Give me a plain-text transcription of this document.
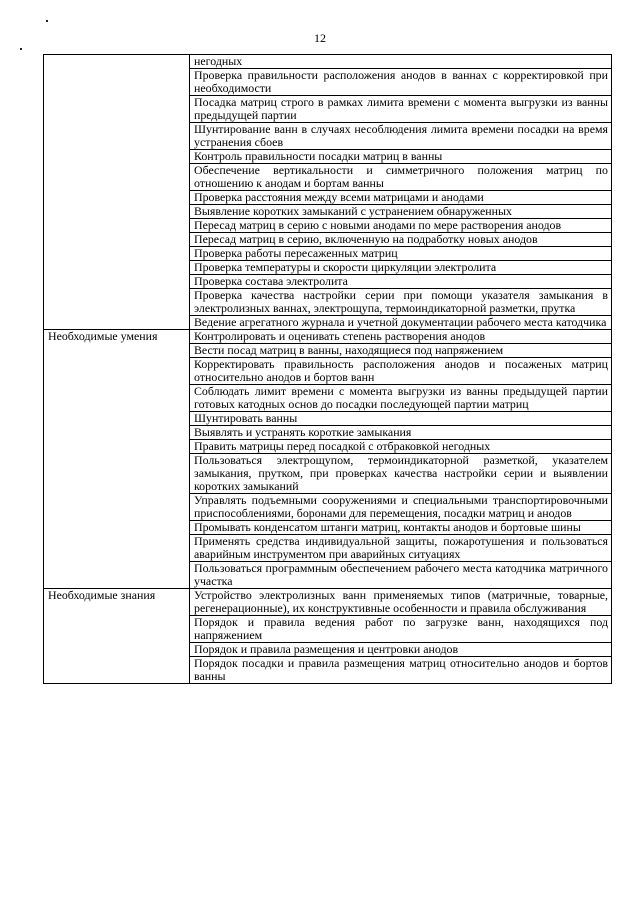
12
	негодных
	Проверка правильности расположения анодов в ваннах с корректировкой при необходимости
	Посадка матриц строго в рамках лимита времени с момента выгрузки из ванны предыдущей партии
	Шунтирование ванн в случаях несоблюдения лимита времени посадки на время устранения сбоев
	Контроль правильности посадки матриц в ванны
	Обеспечение вертикальности и симметричного положения матриц по отношению к анодам и бортам ванны
	Проверка расстояния между всеми матрицами и анодами
	Выявление коротких замыканий с устранением обнаруженных
	Пересад матриц в серию с новыми анодами по мере растворения анодов
	Пересад матриц в серию, включенную на подработку новых анодов
	Проверка работы пересаженных матриц
	Проверка температуры и скорости циркуляции электролита
	Проверка состава электролита
	Проверка качества настройки серии при помощи указателя замыкания в электролизных ваннах, электрощупа, термоиндикаторной разметки, прутка
	Ведение агрегатного журнала и учетной документации рабочего места катодчика
Необходимые умения	Контролировать и оценивать степень растворения анодов
	Вести посад матриц в ванны, находящиеся под напряжением
	Корректировать правильность расположения анодов и посаженых матриц относительно анодов и бортов ванн
	Соблюдать лимит времени с момента выгрузки из ванны предыдущей партии готовых катодных основ до посадки последующей партии матриц
	Шунтировать ванны
	Выявлять и устранять короткие замыкания
	Править матрицы перед посадкой с отбраковкой негодных
	Пользоваться электрощупом, термоиндикаторной разметкой, указателем замыкания, прутком, при проверках качества настройки серии и выявлении коротких замыканий
	Управлять подъемными сооружениями и специальными транспортировочными приспособлениями, боронами для перемещения, посадки матриц и анодов
	Промывать конденсатом штанги матриц, контакты анодов и бортовые шины
	Применять средства индивидуальной защиты, пожаротушения и пользоваться аварийным инструментом при аварийных ситуациях
	Пользоваться программным обеспечением рабочего места катодчика матричного участка
Необходимые знания	Устройство электролизных ванн применяемых типов (матричные, товарные, регенерационные), их конструктивные особенности и правила обслуживания
	Порядок и правила ведения работ по загрузке ванн, находящихся под напряжением
	Порядок и правила размещения и центровки анодов
	Порядок посадки и правила размещения матриц относительно анодов и бортов ванны
